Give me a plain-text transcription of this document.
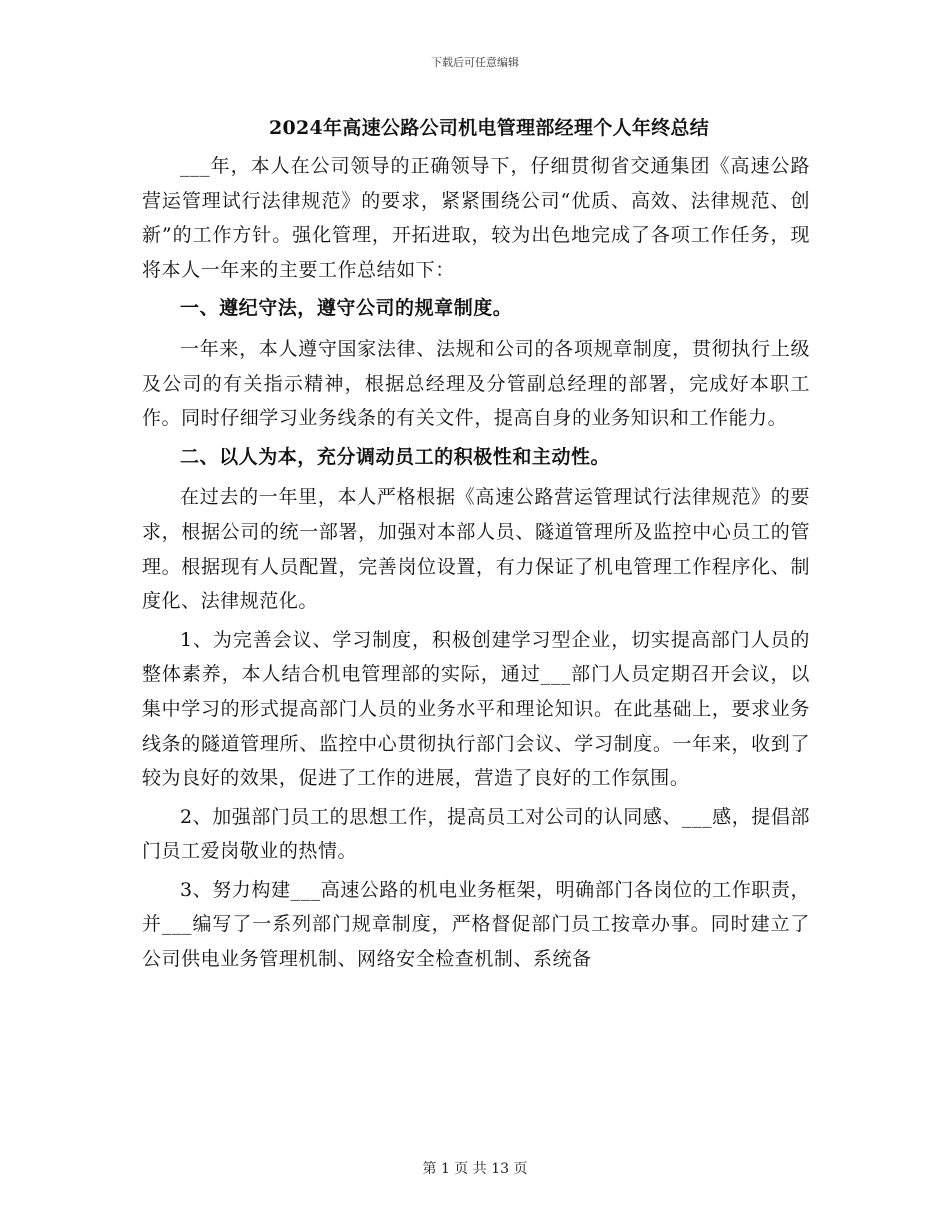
下载后可任意编辑
2024年高速公路公司机电管理部经理个人年终总结

___年，本人在公司领导的正确领导下，仔细贯彻省交通集团《高速公路营运管理试行法律规范》的要求，紧紧围绕公司“优质、高效、法律规范、创新”的工作方针。强化管理，开拓进取，较为出色地完成了各项工作任务，现将本人一年来的主要工作总结如下：

一、遵纪守法，遵守公司的规章制度。

一年来，本人遵守国家法律、法规和公司的各项规章制度，贯彻执行上级及公司的有关指示精神，根据总经理及分管副总经理的部署，完成好本职工作。同时仔细学习业务线条的有关文件，提高自身的业务知识和工作能力。

二、以人为本，充分调动员工的积极性和主动性。

在过去的一年里，本人严格根据《高速公路营运管理试行法律规范》的要求，根据公司的统一部署，加强对本部人员、隧道管理所及监控中心员工的管理。根据现有人员配置，完善岗位设置，有力保证了机电管理工作程序化、制度化、法律规范化。

1、为完善会议、学习制度，积极创建学习型企业，切实提高部门人员的整体素养，本人结合机电管理部的实际，通过___部门人员定期召开会议，以集中学习的形式提高部门人员的业务水平和理论知识。在此基础上，要求业务线条的隧道管理所、监控中心贯彻执行部门会议、学习制度。一年来，收到了较为良好的效果，促进了工作的进展，营造了良好的工作氛围。

2、加强部门员工的思想工作，提高员工对公司的认同感、___感，提倡部门员工爱岗敬业的热情。

3、努力构建___高速公路的机电业务框架，明确部门各岗位的工作职责，并___编写了一系列部门规章制度，严格督促部门员工按章办事。同时建立了公司供电业务管理机制、网络安全检查机制、系统备

第 1 页 共 13 页
